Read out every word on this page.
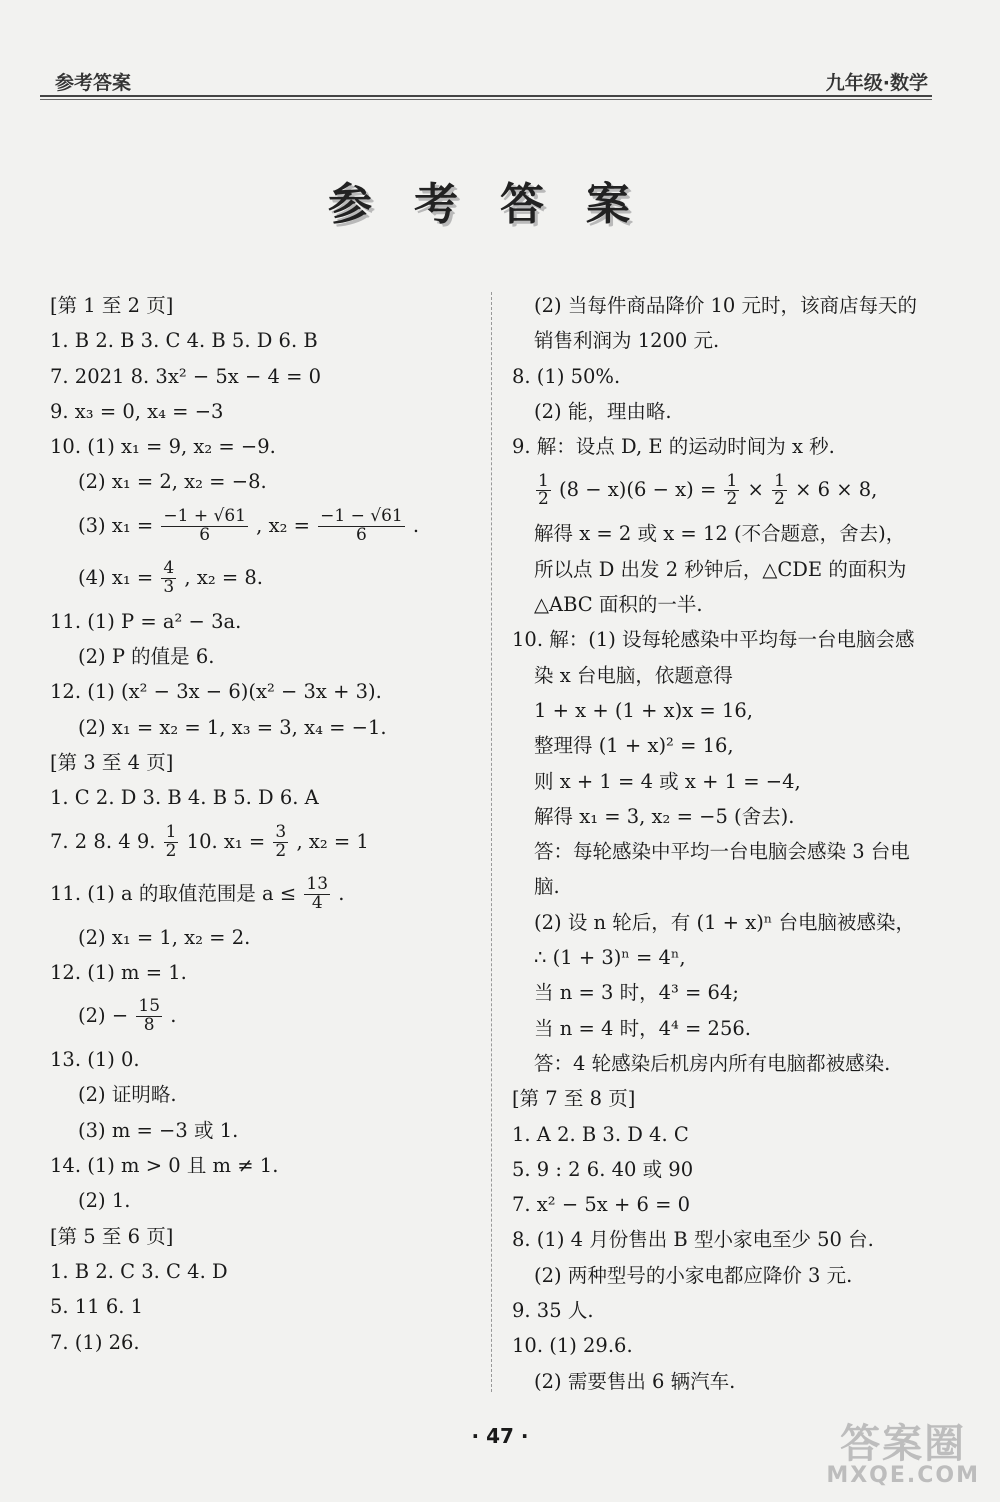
参考答案	九年级·数学
参考答案
[第 1 至 2 页]
1. B 2. B 3. C 4. B 5. D 6. B
7. 2021 8. 3x² − 5x − 4 = 0
9. x₃ = 0, x₄ = −3
10. (1) x₁ = 9, x₂ = −9.
(2) x₁ = 2, x₂ = −8.
(3) $x_1 = \frac{-1 + √61}{6}$ , $x_2 = \frac{-1 - √61}{6}$ .
(4) $x_1 = \frac{4}{3}$ , x₂ = 8.
11. (1) P = a² − 3a.
(2) P 的值是 6.
12. (1) (x² − 3x − 6)(x² − 3x + 3).
(2) x₁ = x₂ = 1, x₃ = 3, x₄ = −1.
[第 3 至 4 页]
1. C 2. D 3. B 4. B 5. D 6. A
7. 2 8. 4 9. $\frac{1}{2} 10$. $x_1 = \frac{3}{2}$ , x₂ = 1
11. (1) a 的取值范围是 $a \le \frac{13}{4}$ .
(2) x₁ = 1, x₂ = 2.
12. (1) m = 1.
$(2) - \frac{15}{8}$ .
13. (1) 0.
(2) 证明略.
(3) m = −3 或 1.
14. (1) m > 0 且 m ≠ 1.
(2) 1.
[第 5 至 6 页]
1. B 2. C 3. C 4. D
5. 11 6. 1
7. (1) 26.
(2) 当每件商品降价 10 元时，该商店每天的
销售利润为 1200 元.
8. (1) 50%.
(2) 能，理由略.
9. 解：设点 D, E 的运动时间为 x 秒.
$\frac{1}{2} (8 - x)(6 - x) = \frac{1}{2} \times \frac{1}{2} \times 6 \times 8$,
解得 x = 2 或 x = 12 (不合题意，舍去)，
所以点 D 出发 2 秒钟后，△CDE 的面积为
△ABC 面积的一半.
10. 解：(1) 设每轮感染中平均每一台电脑会感
染 x 台电脑，依题意得
1 + x + (1 + x)x = 16,
整理得 (1 + x)² = 16,
则 x + 1 = 4 或 x + 1 = −4,
解得 x₁ = 3, x₂ = −5 (舍去).
答：每轮感染中平均一台电脑会感染 3 台电
脑.
(2) 设 n 轮后，有 (1 + x)ⁿ 台电脑被感染，
∴ (1 + 3)ⁿ = 4ⁿ,
当 n = 3 时，4³ = 64;
当 n = 4 时，4⁴ = 256.
答：4 轮感染后机房内所有电脑都被感染.
[第 7 至 8 页]
1. A 2. B 3. D 4. C
5. 9 : 2 6. 40 或 90
7. x² − 5x + 6 = 0
8. (1) 4 月份售出 B 型小家电至少 50 台.
(2) 两种型号的小家电都应降价 3 元.
9. 35 人.
10. (1) 29.6.
(2) 需要售出 6 辆汽车.
· 47 ·	答案圈
MXQE.COM
